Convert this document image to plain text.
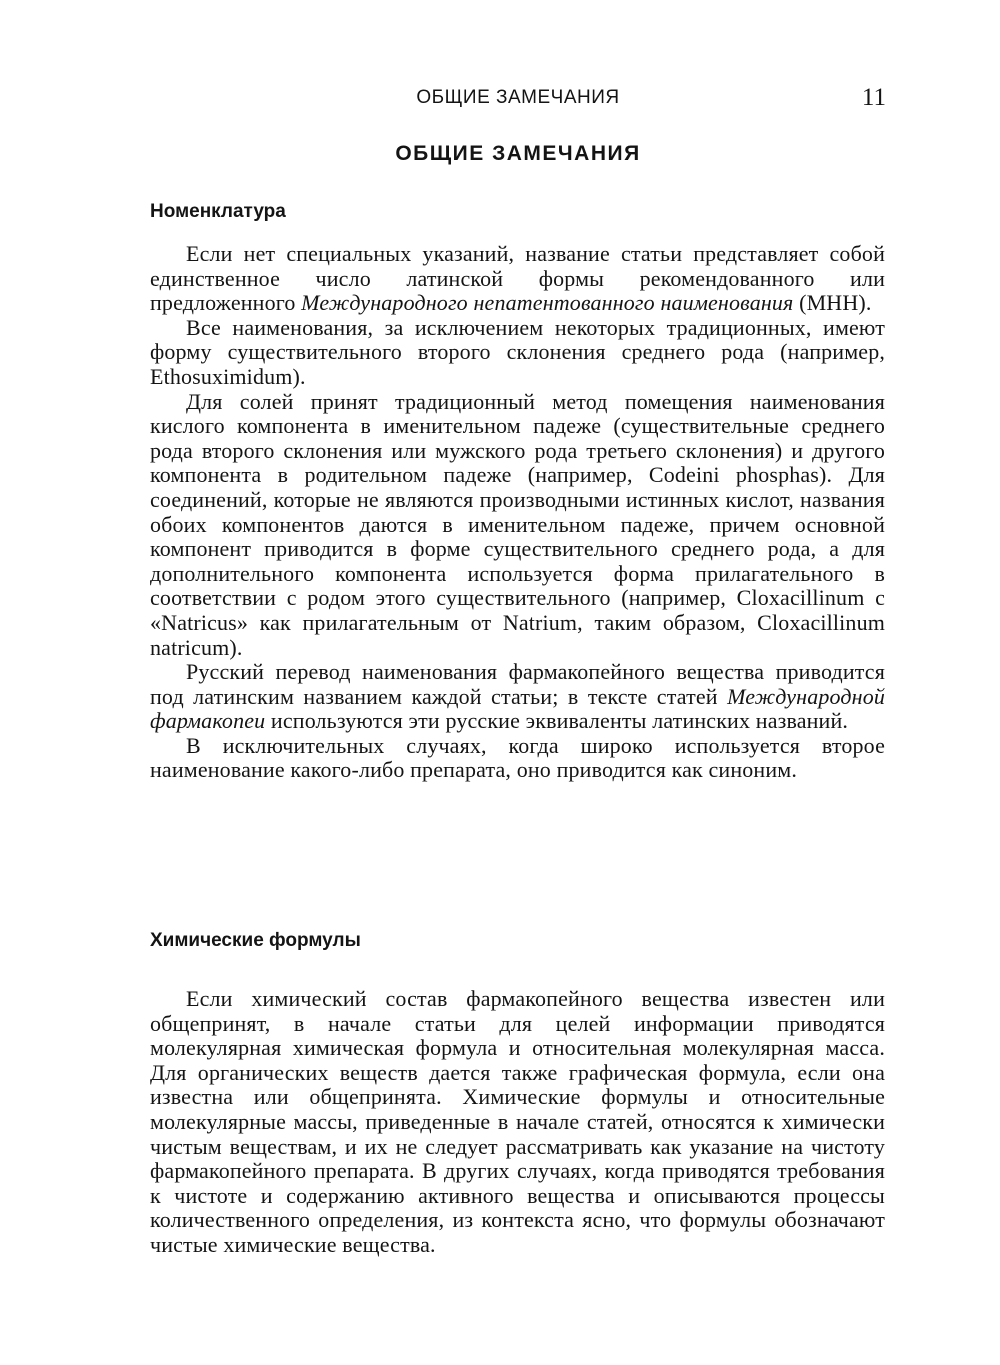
ОБЩИЕ ЗАМЕЧАНИЯ	11
ОБЩИЕ ЗАМЕЧАНИЯ
Номенклатура

Если нет специальных указаний, название статьи представляет собой единственное число латинской формы рекомендованного или предложенного Международного непатентованного наименования (МНН).

Все наименования, за исключением некоторых традиционных, имеют форму существительного второго склонения среднего рода (например, Ethosuximidum).

Для солей принят традиционный метод помещения наименования кислого компонента в именительном падеже (существительные среднего рода второго склонения или мужского рода третьего склонения) и другого компонента в родительном падеже (например, Codeini phosphas). Для соединений, которые не являются производными истинных кислот, названия обоих компонентов даются в именительном падеже, причем основной компонент приводится в форме существительного среднего рода, а для дополнительного компонента используется форма прилагательного в соответствии с родом этого существительного (например, Cloxacillinum с «Natricus» как прилагательным от Natrium, таким образом, Cloxacillinum natricum).

Русский перевод наименования фармакопейного вещества приводится под латинским названием каждой статьи; в тексте статей Международной фармакопеи используются эти русские эквиваленты латинских названий.

В исключительных случаях, когда широко используется второе наименование какого-либо препарата, оно приводится как синоним.

Химические формулы

Если химический состав фармакопейного вещества известен или общепринят, в начале статьи для целей информации приводятся молекулярная химическая формула и относительная молекулярная масса. Для органических веществ дается также графическая формула, если она известна или общепринята. Химические формулы и относительные молекулярные массы, приведенные в начале статей, относятся к химически чистым веществам, и их не следует рассматривать как указание на чистоту фармакопейного препарата. В других случаях, когда приводятся требования к чистоте и содержанию активного вещества и описываются процессы количественного определения, из контекста ясно, что формулы обозначают чистые химические вещества.
